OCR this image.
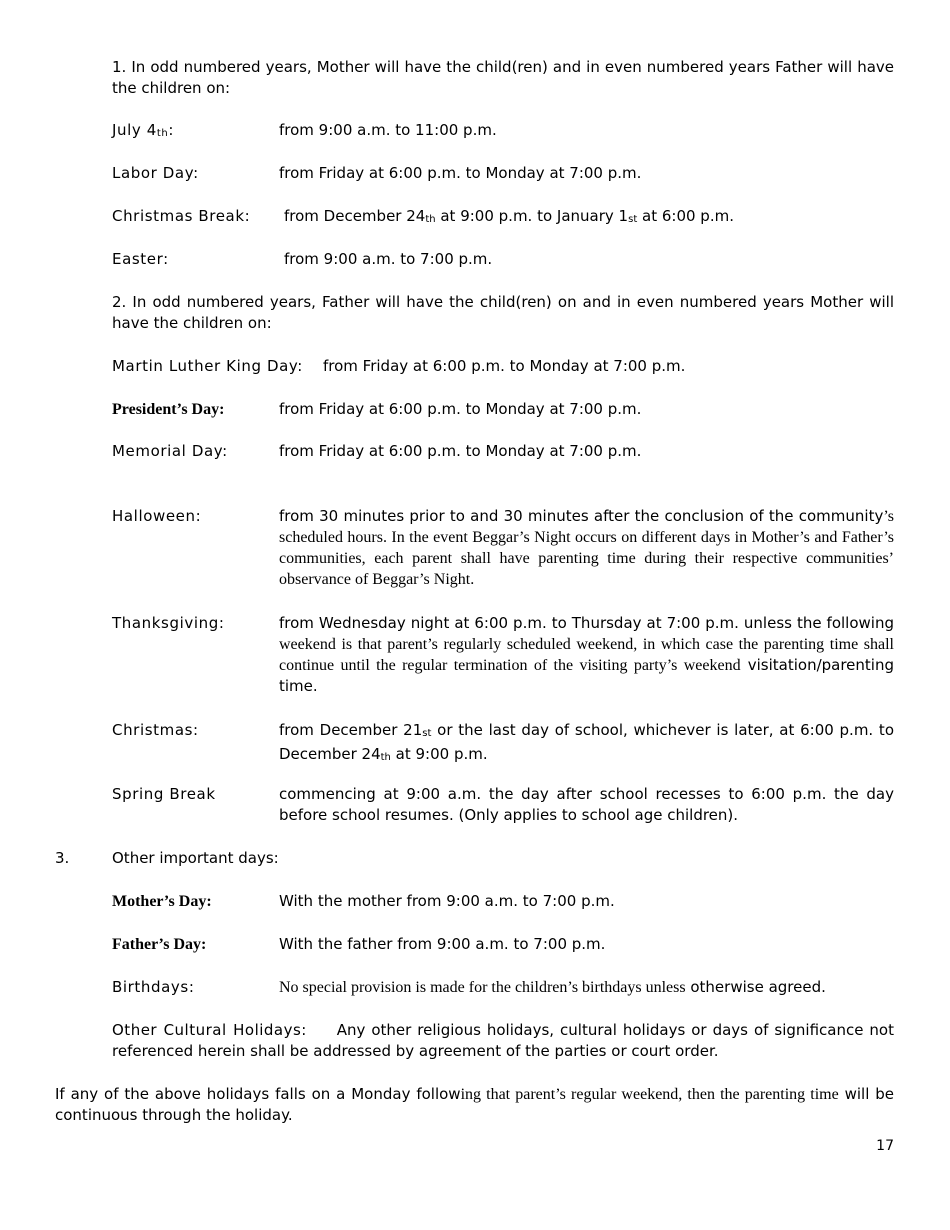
1. In odd numbered years, Mother will have the child(ren) and in even numbered years Father will have the children on:
July $4_{th}$:	from 9:00 a.m. to 11:00 p.m.
Labor Day:	from Friday at 6:00 p.m. to Monday at 7:00 p.m.
Christmas Break: from December $24_{th}$ at 9:00 p.m. to January $1_{st}$ at 6:00 p.m.
Easter:	from 9:00 a.m. to 7:00 p.m.
2. In odd numbered years, Father will have the child(ren) on and in even numbered years Mother will have the children on:
Martin Luther King Day: from Friday at 6:00 p.m. to Monday at 7:00 p.m.
President’s Day:	from Friday at 6:00 p.m. to Monday at 7:00 p.m.
Memorial Day:	from Friday at 6:00 p.m. to Monday at 7:00 p.m.
Halloween:	from 30 minutes prior to and 30 minutes after the conclusion of the community’s scheduled hours. In the event Beggar’s Night occurs on different days in Mother’s and Father’s communities, each parent shall have parenting time during their respective communities’ observance of Beggar’s Night.
Thanksgiving:	from Wednesday night at 6:00 p.m. to Thursday at 7:00 p.m. unless the following weekend is that parent’s regularly scheduled weekend, in which case the parenting time shall continue until the regular termination of the visiting party’s weekend visitation/parenting time.
Christmas:	from December $21_{st}$ or the last day of school, whichever is later, at 6:00 p.m. to December $24_{th}$ at 9:00 p.m.
Spring Break	commencing at 9:00 a.m. the day after school recesses to 6:00 p.m. the day before school resumes. (Only applies to school age children).
3.	Other important days:
Mother’s Day:	With the mother from 9:00 a.m. to 7:00 p.m.
Father’s Day:	With the father from 9:00 a.m. to 7:00 p.m.
Birthdays:	No special provision is made for the children’s birthdays unless otherwise agreed.
Other Cultural Holidays: Any other religious holidays, cultural holidays or days of significance not referenced herein shall be addressed by agreement of the parties or court order.
If any of the above holidays falls on a Monday following that parent’s regular weekend, then the parenting time will be continuous through the holiday.
17
